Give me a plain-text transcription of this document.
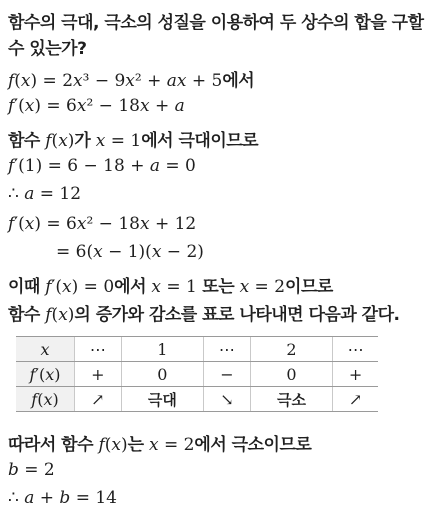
함수의 극대, 극소의 성질을 이용하여 두 상수의 합을 구할
수 있는가?
𝑓(𝑥) = 2𝑥³ − 9𝑥² + 𝑎𝑥 + 5에서
𝑓′(𝑥) = 6𝑥² − 18𝑥 + 𝑎
함수 𝑓(𝑥)가 𝑥 = 1에서 극대이므로
𝑓′(1) = 6 − 18 + 𝑎 = 0
∴ 𝑎 = 12
𝑓′(𝑥) = 6𝑥² − 18𝑥 + 12
= 6(𝑥 − 1)(𝑥 − 2)
이때 𝑓′(𝑥) = 0에서 𝑥 = 1 또는 𝑥 = 2이므로
함수 𝑓(𝑥)의 증가와 감소를 표로 나타내면 다음과 같다.
𝑥	⋯	1	⋯	2	⋯
𝑓′(𝑥)	+	0	−	0	+
𝑓(𝑥)	↗	극대	↘	극소	↗
따라서 함수 𝑓(𝑥)는 𝑥 = 2에서 극소이므로
𝑏 = 2
∴ 𝑎 + 𝑏 = 14
